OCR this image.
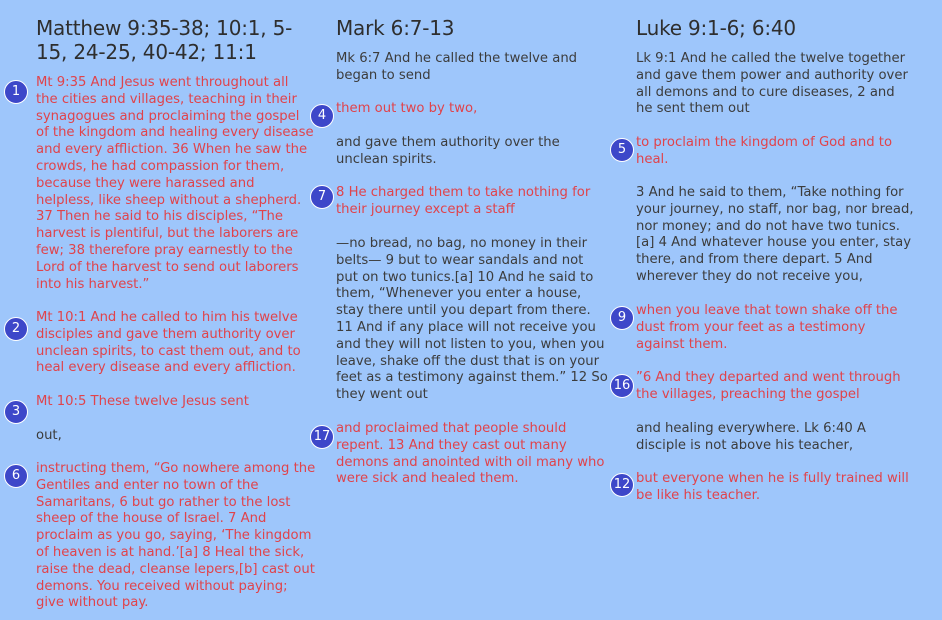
Matthew 9:35-38; 10:1, 5-15, 24-25, 40-42; 11:1

Mt 9:35 And Jesus went throughout all the cities and villages, teaching in their synagogues and proclaiming the gospel of the kingdom and healing every disease and every affliction. 36 When he saw the crowds, he had compassion for them, because they were harassed and helpless, like sheep without a shepherd. 37 Then he said to his disciples, “The harvest is plentiful, but the laborers are few; 38 therefore pray earnestly to the Lord of the harvest to send out laborers into his harvest.”

Mt 10:1 And he called to him his twelve disciples and gave them authority over unclean spirits, to cast them out, and to heal every disease and every affliction.

Mt 10:5 These twelve Jesus sent

out,

instructing them, “Go nowhere among the Gentiles and enter no town of the Samaritans, 6 but go rather to the lost sheep of the house of Israel. 7 And proclaim as you go, saying, ‘The kingdom of heaven is at hand.’[a] 8 Heal the sick, raise the dead, cleanse lepers,[b] cast out demons. You received without paying; give without pay.

1
2
3
6
Mark 6:7-13

Mk 6:7 And he called the twelve and began to send

them out two by two,

and gave them authority over the unclean spirits.

8 He charged them to take nothing for their journey except a staff

—no bread, no bag, no money in their belts— 9 but to wear sandals and not put on two tunics.[a] 10 And he said to them, “Whenever you enter a house, stay there until you depart from there. 11 And if any place will not receive you and they will not listen to you, when you leave, shake off the dust that is on your feet as a testimony against them.” 12 So they went out

and proclaimed that people should repent. 13 And they cast out many demons and anointed with oil many who were sick and healed them.

4
7
17
Luke 9:1-6; 6:40

Lk 9:1 And he called the twelve together and gave them power and authority over all demons and to cure diseases, 2 and he sent them out

to proclaim the kingdom of God and to heal.

3 And he said to them, “Take nothing for your journey, no staff, nor bag, nor bread, nor money; and do not have two tunics.[a] 4 And whatever house you enter, stay there, and from there depart. 5 And wherever they do not receive you,

when you leave that town shake off the dust from your feet as a testimony against them.

”6 And they departed and went through the villages, preaching the gospel

and healing everywhere. Lk 6:40 A disciple is not above his teacher,

but everyone when he is fully trained will be like his teacher.

5
9
16
12
